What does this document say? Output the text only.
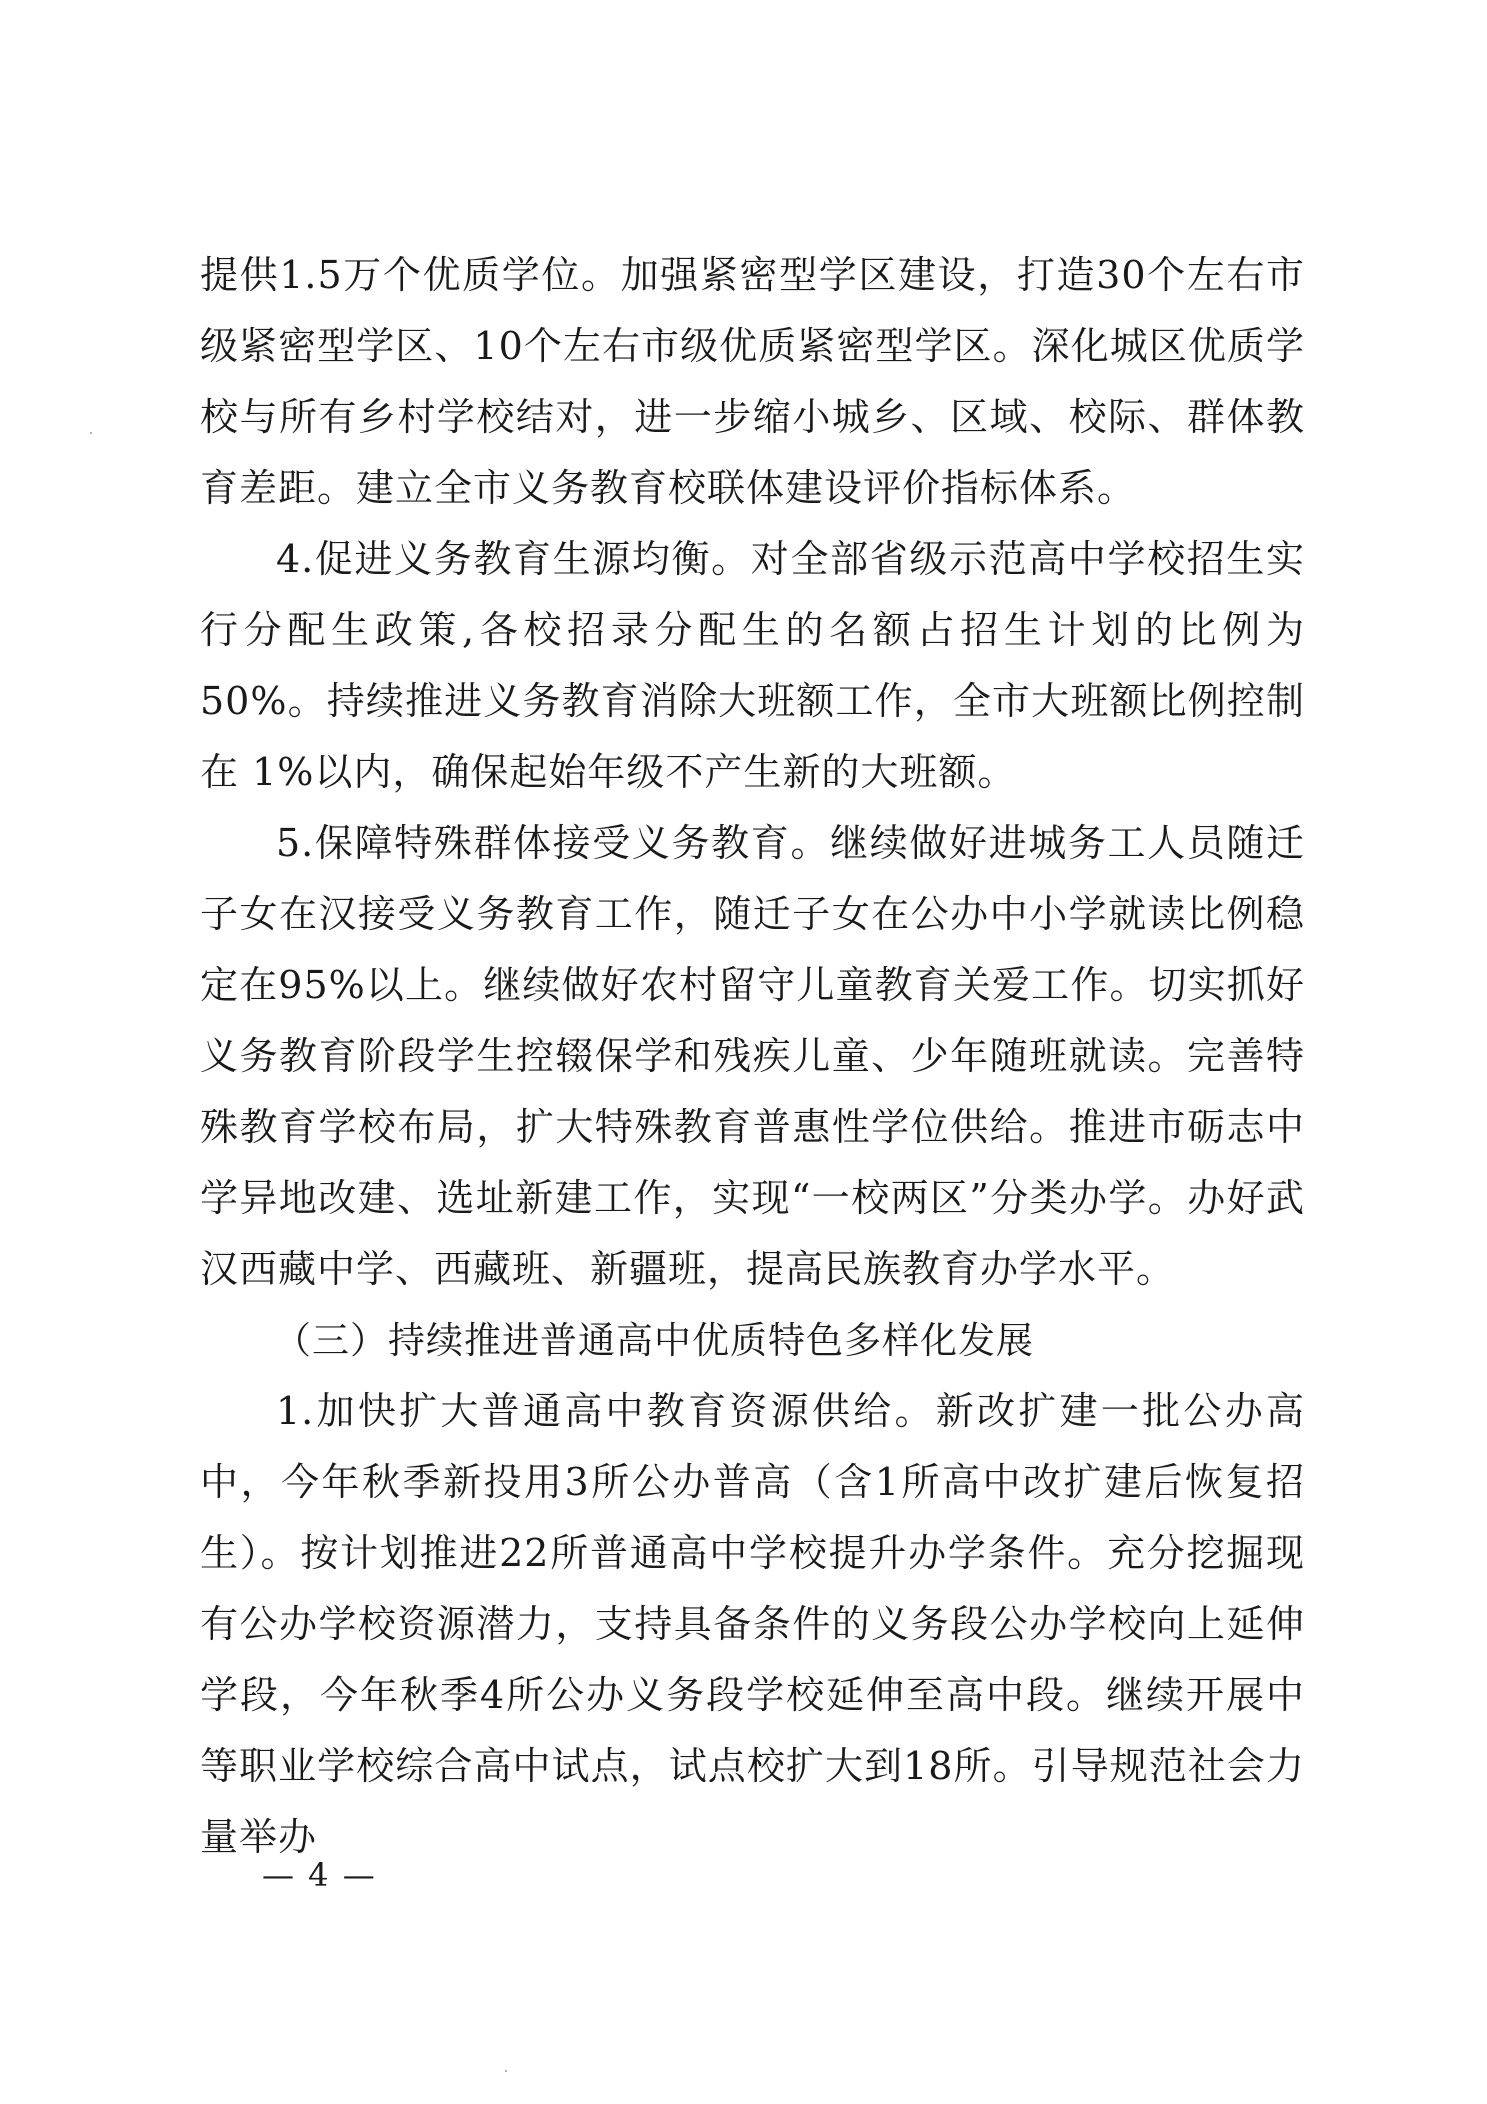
提供1.5万个优质学位。加强紧密型学区建设，打造30个左右市级紧密型学区、10个左右市级优质紧密型学区。深化城区优质学校与所有乡村学校结对，进一步缩小城乡、区域、校际、群体教育差距。建立全市义务教育校联体建设评价指标体系。

4.促进义务教育生源均衡。对全部省级示范高中学校招生实行分配生政策,各校招录分配生的名额占招生计划的比例为50%。持续推进义务教育消除大班额工作，全市大班额比例控制在 1%以内，确保起始年级不产生新的大班额。

5.保障特殊群体接受义务教育。继续做好进城务工人员随迁子女在汉接受义务教育工作，随迁子女在公办中小学就读比例稳定在95%以上。继续做好农村留守儿童教育关爱工作。切实抓好义务教育阶段学生控辍保学和残疾儿童、少年随班就读。完善特殊教育学校布局，扩大特殊教育普惠性学位供给。推进市砺志中学异地改建、选址新建工作，实现“一校两区”分类办学。办好武汉西藏中学、西藏班、新疆班，提高民族教育办学水平。

（三）持续推进普通高中优质特色多样化发展

1.加快扩大普通高中教育资源供给。新改扩建一批公办高中，今年秋季新投用3所公办普高（含1所高中改扩建后恢复招生）。按计划推进22所普通高中学校提升办学条件。充分挖掘现有公办学校资源潜力，支持具备条件的义务段公办学校向上延伸学段，今年秋季4所公办义务段学校延伸至高中段。继续开展中等职业学校综合高中试点，试点校扩大到18所。引导规范社会力量举办

— 4 —
